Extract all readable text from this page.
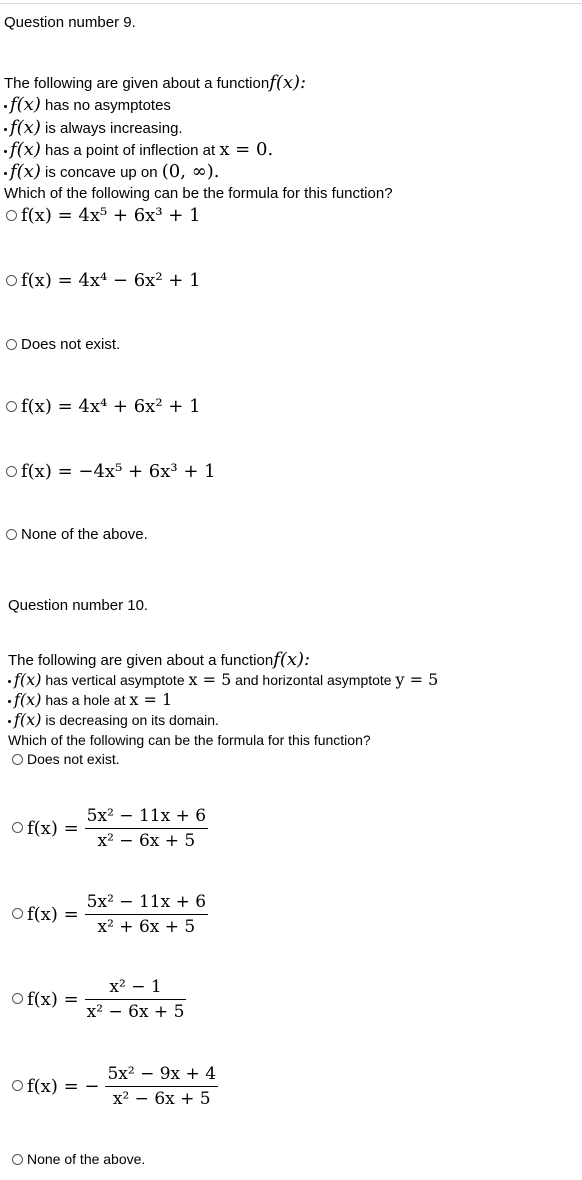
Question number 9.
The following are given about a functionf(x):
f(x) has no asymptotes
f(x) is always increasing.
f(x) has a point of inflection at x = 0.
f(x) is concave up on (0, ∞).
Which of the following can be the formula for this function?
f(x) = 4x⁵ + 6x³ + 1
f(x) = 4x⁴ − 6x² + 1
Does not exist.
f(x) = 4x⁴ + 6x² + 1
f(x) = −4x⁵ + 6x³ + 1
None of the above.
Question number 10.
The following are given about a functionf(x):
f(x) has vertical asymptote x = 5 and horizontal asymptote y = 5
f(x) has a hole at x = 1
f(x) is decreasing on its domain.
Which of the following can be the formula for this function?
Does not exist.
$f(x) = \frac{\text{5x² − 11x + 6}}{\text{x² − 6x + 5}}$
$f(x) = \frac{\text{5x² − 11x + 6}}{\text{x² + 6x + 5}}$
$f(x) = \frac{\text{x² − 1}}{\text{x² − 6x + 5}}$
f(x) = − $\frac{\text{5x² − 9x + 4}}{\text{x² − 6x + 5}}$
None of the above.
